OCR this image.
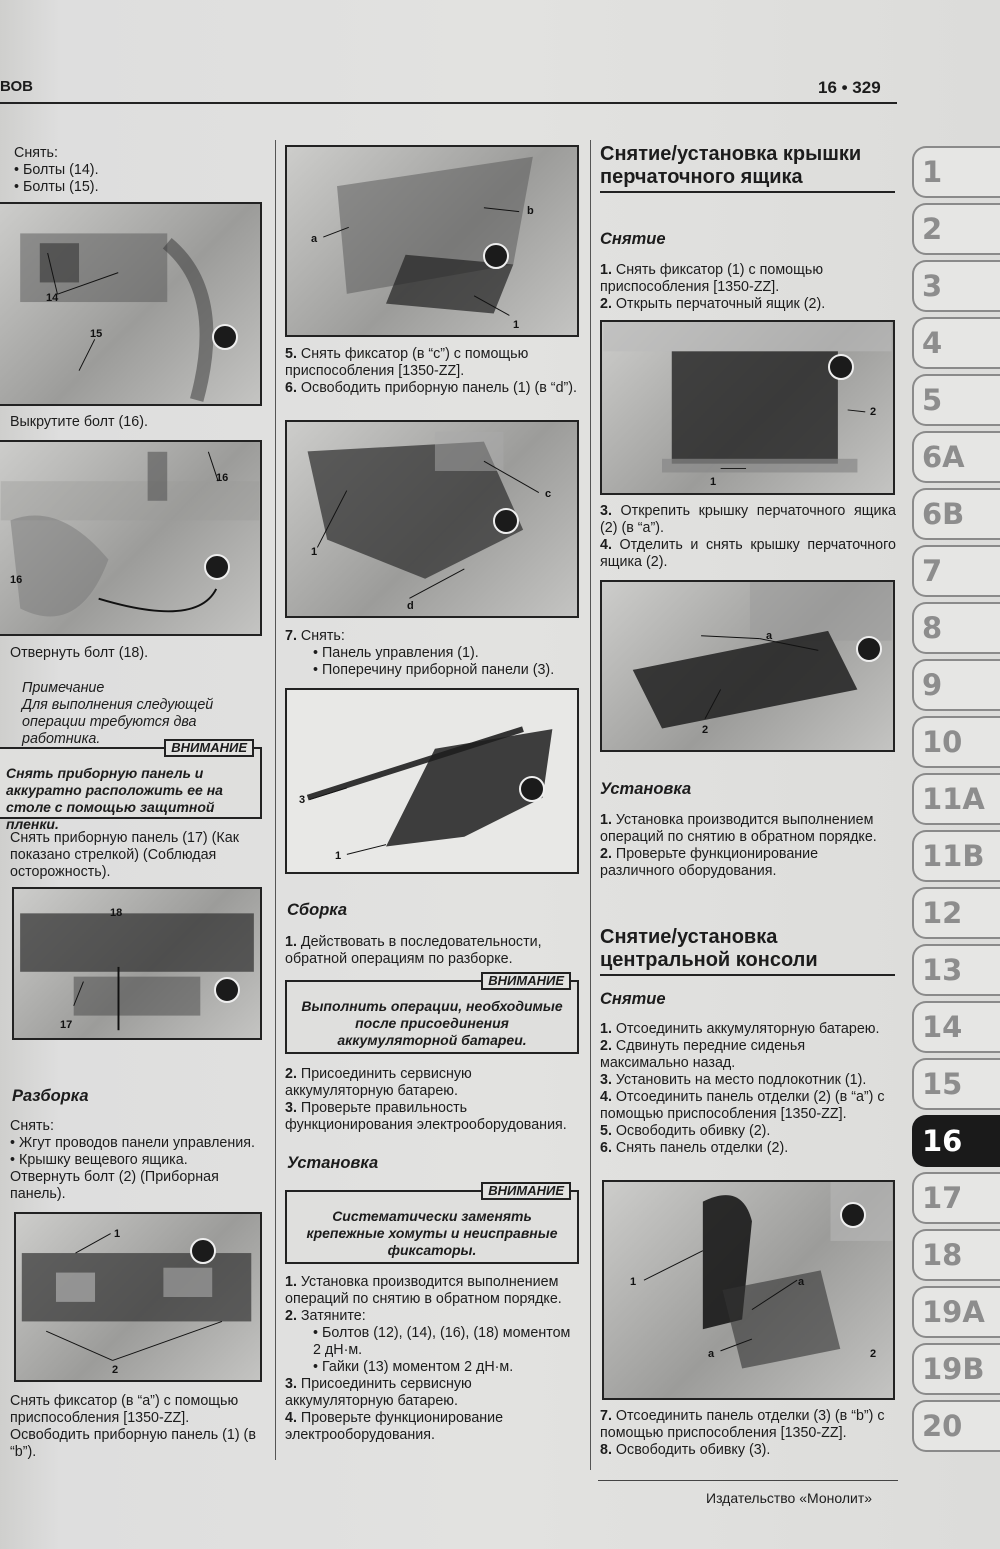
ВОВ	16 • 329

Снять:

• Болты (14).

• Болты (15).

14
15
Выкрутите болт (16).
16
16
Отвернуть болт (18).

Примечание

Для выполнения следующей операции требуются два работника.

ВНИМАНИЕ
Снять приборную панель и аккуратно расположить ее на столе с помощью защитной пленки.
Снять приборную панель (17) (Как показано стрелкой) (Соблюдая осторожность).
18
17
Разборка

Снять:

• Жгут проводов панели управления.

• Крышку вещевого ящика.

Отвернуть болт (2) (Приборная панель).

1
2

Снять фиксатор (в “а”) с помощью приспособления [1350-ZZ].

Освободить приборную панель (1) (в “b”).

a
b
1

5. Снять фиксатор (в “с”) с помощью приспособления [1350-ZZ].

6. Освободить приборную панель (1) (в “d”).

1
c
d

7. Снять:

• Панель управления (1).

• Поперечину приборной панели (3).

3
1
Сборка

1. Действовать в последовательности, обратной операциям по разборке.

ВНИМАНИЕ
Выполнить операции, необходимые после присоединения аккумуляторной батареи.

2. Присоединить сервисную аккумуляторную батарею.

3. Проверьте правильность функционирования электрооборудования.

Установка
ВНИМАНИЕ
Систематически заменять крепежные хомуты и неисправные фиксаторы.

1. Установка производится выполнением операций по снятию в обратном порядке.

2. Затяните:

• Болтов (12), (14), (16), (18) моментом 2 дН·м.

• Гайки (13) моментом 2 дН·м.

3. Присоединить сервисную аккумуляторную батарею.

4. Проверьте функционирование электрооборудования.

Снятие/установка крышки перчаточного ящика
Снятие

1. Снять фиксатор (1) с помощью приспособления [1350-ZZ].

2. Открыть перчаточный ящик (2).

2
1

3. Открепить крышку перчаточного ящика (2) (в “а”).

4. Отделить и снять крышку перчаточного ящика (2).

a
2
Установка

1. Установка производится выполнением операций по снятию в обратном порядке.

2. Проверьте функционирование различного оборудования.

Снятие/установка центральной консоли
Снятие

1. Отсоединить аккумуляторную батарею.

2. Сдвинуть передние сиденья максимально назад.

3. Установить на место подлокотник (1).

4. Отсоединить панель отделки (2) (в “а”) с помощью приспособления [1350-ZZ].

5. Освободить обивку (2).

6. Снять панель отделки (2).

1	a
a	2

7. Отсоединить панель отделки (3) (в “b”) с помощью приспособления [1350-ZZ].

8. Освободить обивку (3).

1
2
3
4
5
6A
6B
7
8
9
10
11A
11B
12
13
14
15
16
17
18
19A
19B
20
Издательство «Монолит»
